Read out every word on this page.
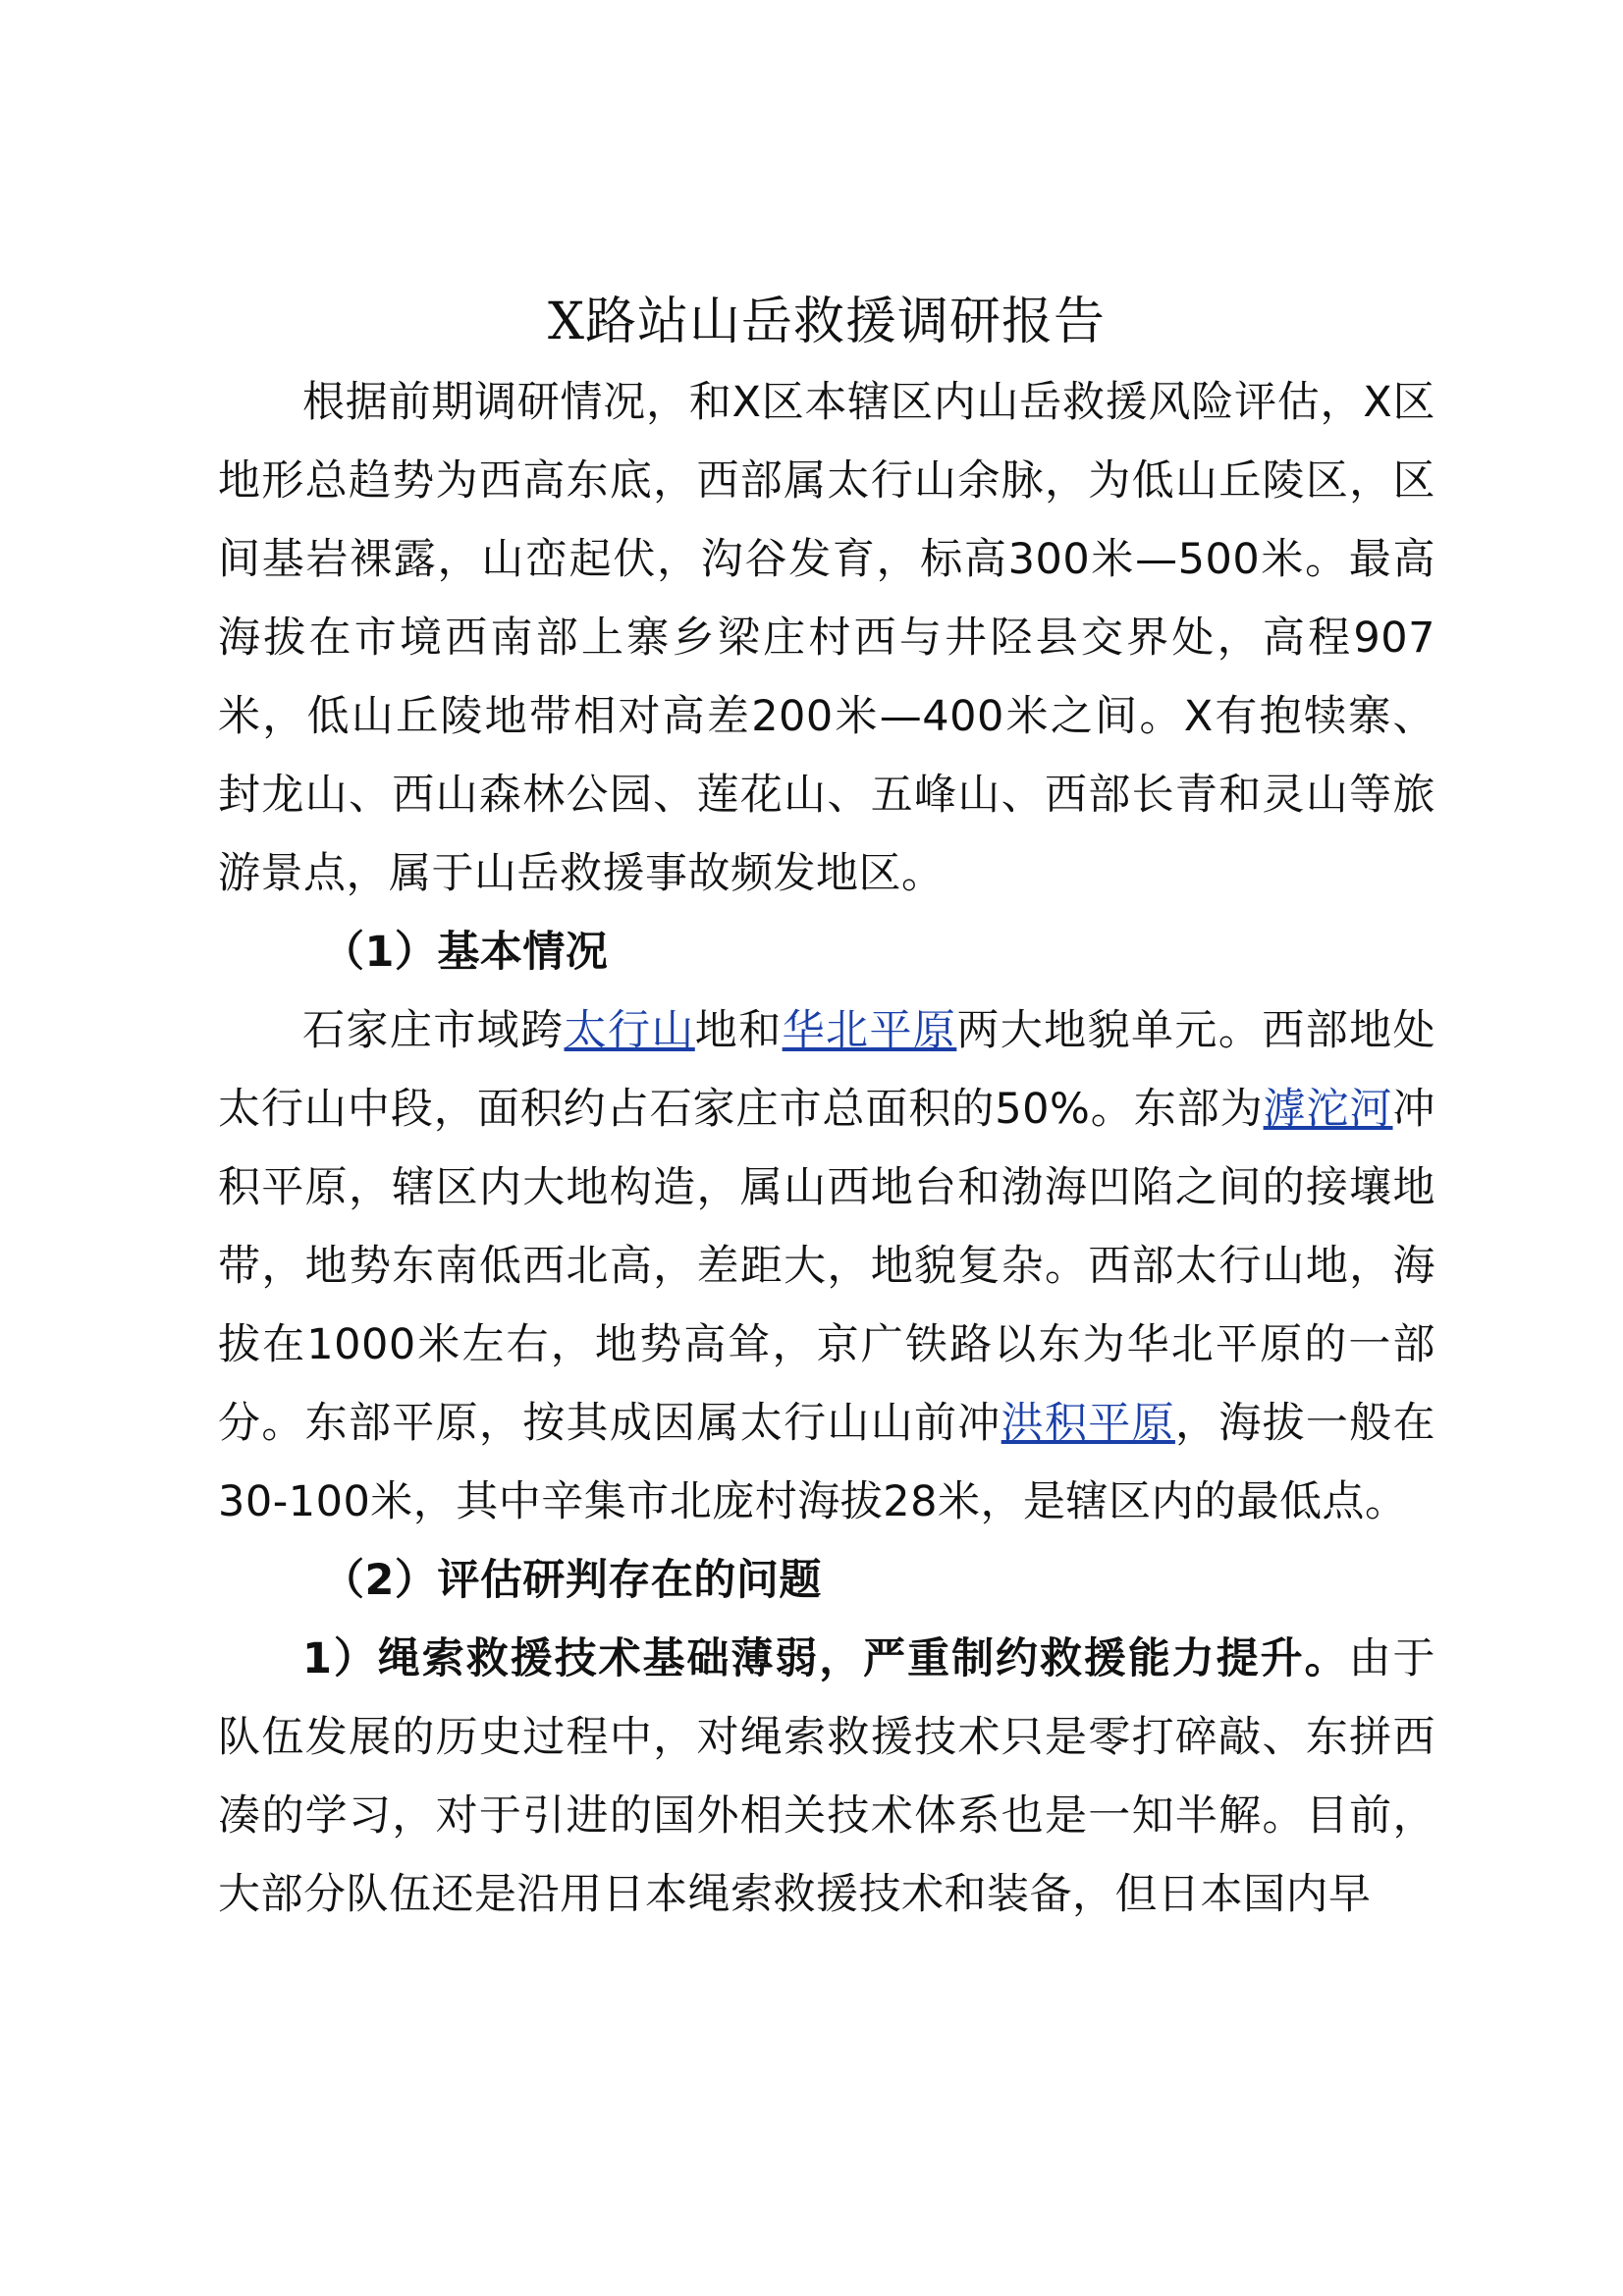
X路站山岳救援调研报告

根据前期调研情况，和X区本辖区内山岳救援风险评估，X区地形总趋势为西高东底，西部属太行山余脉，为低山丘陵区，区间基岩裸露，山峦起伏，沟谷发育，标高300米—500米。最高海拔在市境西南部上寨乡梁庄村西与井陉县交界处，高程907米，低山丘陵地带相对高差200米—400米之间。X有抱犊寨、封龙山、西山森林公园、莲花山、五峰山、西部长青和灵山等旅游景点，属于山岳救援事故频发地区。

（1）基本情况

石家庄市域跨太行山地和华北平原两大地貌单元。西部地处太行山中段，面积约占石家庄市总面积的50%。东部为滹沱河冲积平原，辖区内大地构造，属山西地台和渤海凹陷之间的接壤地带，地势东南低西北高，差距大，地貌复杂。西部太行山地，海拔在1000米左右，地势高耸，京广铁路以东为华北平原的一部分。东部平原，按其成因属太行山山前冲洪积平原，海拔一般在30-100米，其中辛集市北庞村海拔28米，是辖区内的最低点。

（2）评估研判存在的问题

1）绳索救援技术基础薄弱，严重制约救援能力提升。由于队伍发展的历史过程中，对绳索救援技术只是零打碎敲、东拼西凑的学习，对于引进的国外相关技术体系也是一知半解。目前，大部分队伍还是沿用日本绳索救援技术和装备，但日本国内早
